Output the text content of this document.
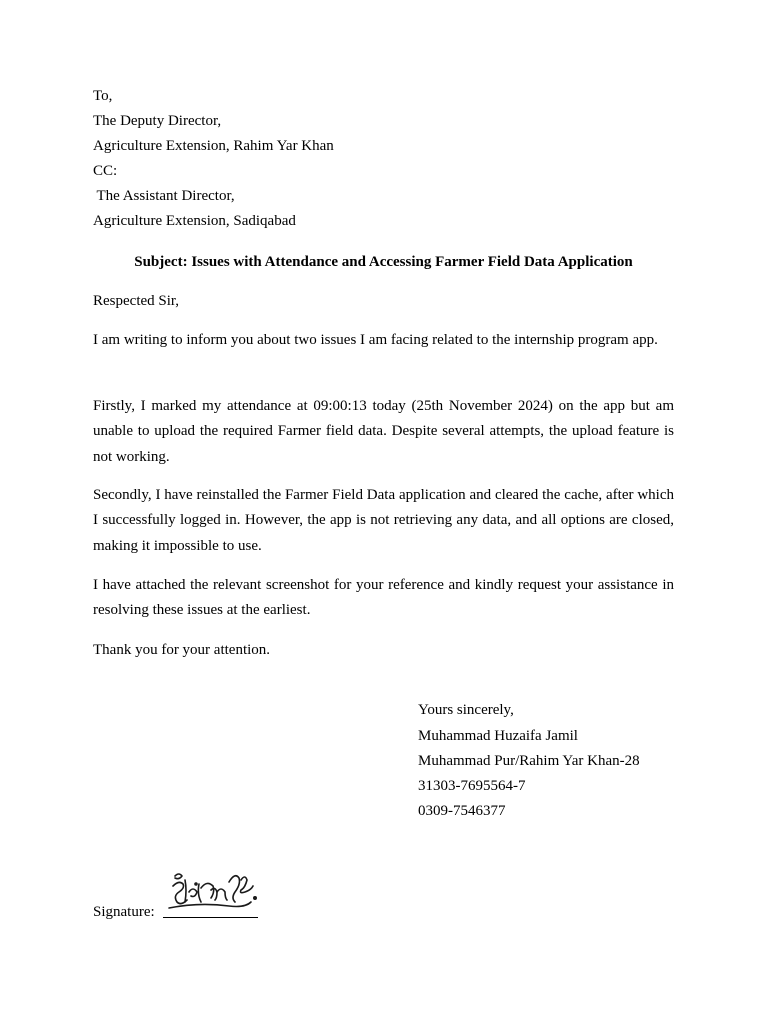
To,
The Deputy Director,
Agriculture Extension, Rahim Yar Khan
CC:
The Assistant Director,
Agriculture Extension, Sadiqabad
Subject: Issues with Attendance and Accessing Farmer Field Data Application
Respected Sir,
I am writing to inform you about two issues I am facing related to the internship program app.
Firstly, I marked my attendance at 09:00:13 today (25th November 2024) on the app but am unable to upload the required Farmer field data. Despite several attempts, the upload feature is not working.
Secondly, I have reinstalled the Farmer Field Data application and cleared the cache, after which I successfully logged in. However, the app is not retrieving any data, and all options are closed, making it impossible to use.
I have attached the relevant screenshot for your reference and kindly request your assistance in resolving these issues at the earliest.
Thank you for your attention.
Yours sincerely,
Muhammad Huzaifa Jamil
Muhammad Pur/Rahim Yar Khan-28
31303-7695564-7
0309-7546377
Signature:
